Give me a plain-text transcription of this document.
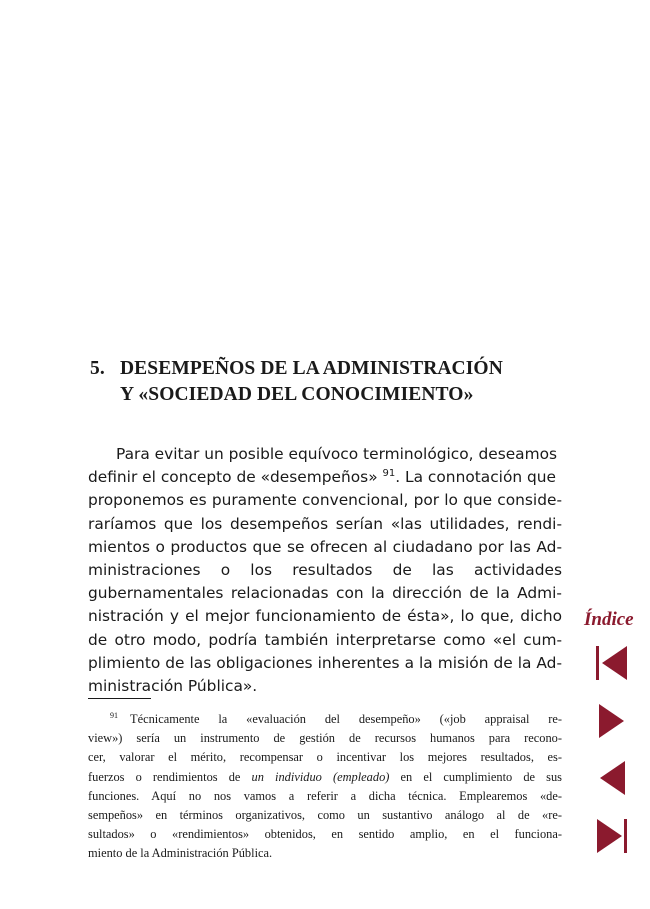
5. DESEMPEÑOS DE LA ADMINISTRACIÓN
Y «SOCIEDAD DEL CONOCIMIENTO»
Para evitar un posible equívoco terminológico, deseamos
definir el concepto de «desempeños» $^{91}$. La connotación que
proponemos es puramente convencional, por lo que conside-
raríamos que los desempeños serían «las utilidades, rendi-
mientos o productos que se ofrecen al ciudadano por las Ad-
ministraciones o los resultados de las actividades
gubernamentales relacionadas con la dirección de la Admi-
nistración y el mejor funcionamiento de ésta», lo que, dicho
de otro modo, podría también interpretarse como «el cum-
plimiento de las obligaciones inherentes a la misión de la Ad-
ministración Pública».
$^{91}$ Técnicamente la «evaluación del desempeño» («job appraisal re-
view») sería un instrumento de gestión de recursos humanos para recono-
cer, valorar el mérito, recompensar o incentivar los mejores resultados, es-
fuerzos o rendimientos de un individuo (empleado) en el cumplimiento de sus
funciones. Aquí no nos vamos a referir a dicha técnica. Emplearemos «de-
sempeños» en términos organizativos, como un sustantivo análogo al de «re-
sultados» o «rendimientos» obtenidos, en sentido amplio, en el funciona-
miento de la Administración Pública.
Índice
